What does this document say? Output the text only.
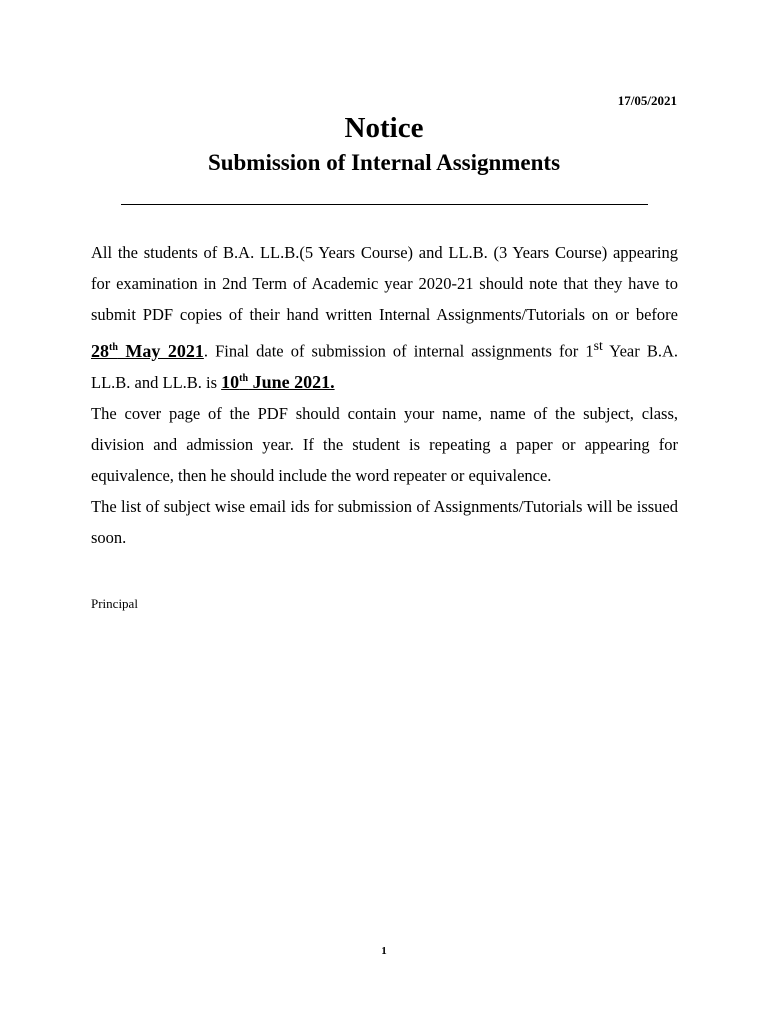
17/05/2021
Notice
Submission of Internal Assignments

All the students of B.A. LL.B.(5 Years Course) and LL.B. (3 Years Course) appearing for examination in 2nd Term of Academic year 2020-21 should note that they have to submit PDF copies of their hand written Internal Assignments/Tutorials on or before 28th May 2021. Final date of submission of internal assignments for 1st Year B.A. LL.B. and LL.B. is 10th June 2021.

The cover page of the PDF should contain your name, name of the subject, class, division and admission year. If the student is repeating a paper or appearing for equivalence, then he should include the word repeater or equivalence.

The list of subject wise email ids for submission of Assignments/Tutorials will be issued soon.

Principal
1
